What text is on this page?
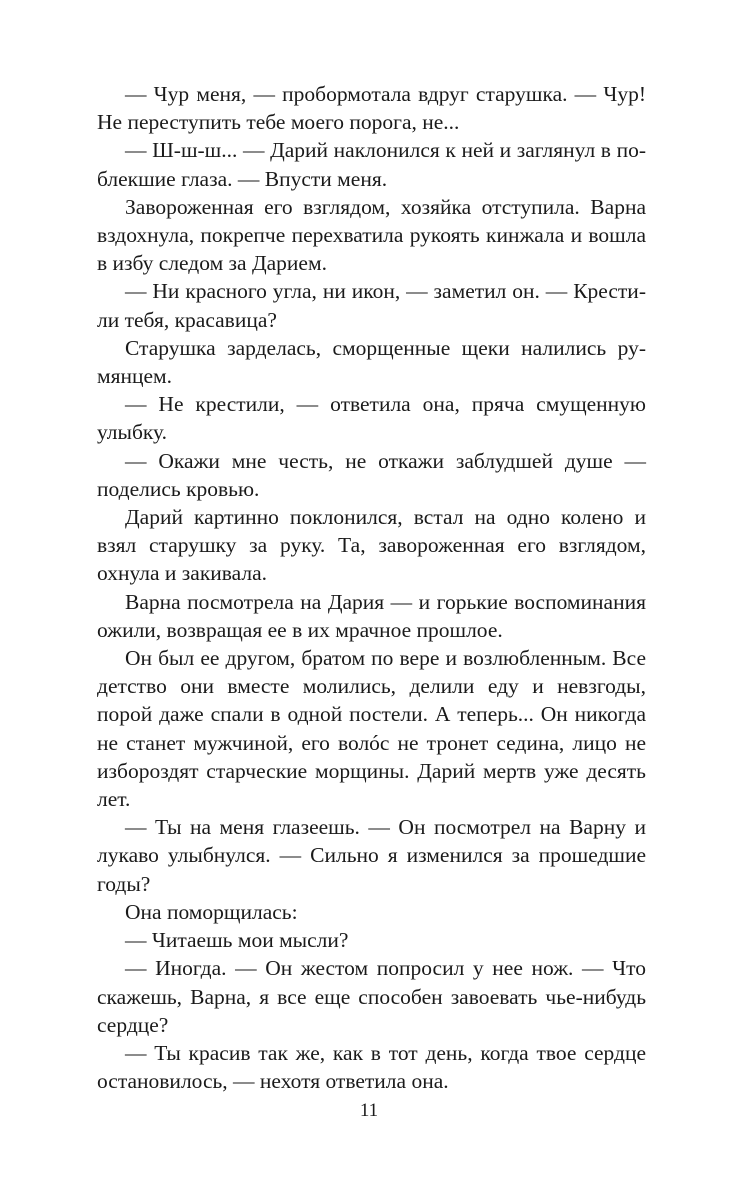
— Чур меня, — пробормотала вдруг старушка. — Чур! Не переступить тебе моего порога, не...

— Ш-ш-ш... — Дарий наклонился к ней и заглянул в поблекшие глаза. — Впусти меня.

Завороженная его взглядом, хозяйка отступила. Варна вздохнула, покрепче перехватила рукоять кинжала и вошла в избу следом за Дарием.

— Ни красного угла, ни икон, — заметил он. — Крестили тебя, красавица?

Старушка зарделась, сморщенные щеки налились румянцем.

— Не крестили, — ответила она, пряча смущенную улыбку.

— Окажи мне честь, не откажи заблудшей душе — поделись кровью.

Дарий картинно поклонился, встал на одно колено и взял старушку за руку. Та, завороженная его взглядом, охнула и закивала.

Варна посмотрела на Дария — и горькие воспоминания ожили, возвращая ее в их мрачное прошлое.

Он был ее другом, братом по вере и возлюбленным. Все детство они вместе молились, делили еду и невзгоды, порой даже спали в одной постели. А теперь... Он никогда не станет мужчиной, его волóс не тронет седина, лицо не избороздят старческие морщины. Дарий мертв уже десять лет.

— Ты на меня глазеешь. — Он посмотрел на Варну и лукаво улыбнулся. — Сильно я изменился за прошедшие годы?

Она поморщилась:

— Читаешь мои мысли?

— Иногда. — Он жестом попросил у нее нож. — Что скажешь, Варна, я все еще способен завоевать чье-нибудь сердце?

— Ты красив так же, как в тот день, когда твое сердце остановилось, — нехотя ответила она.

11
